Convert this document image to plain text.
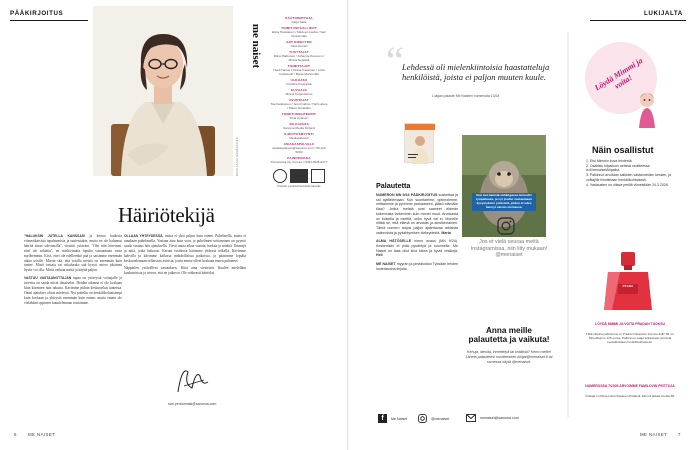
PÄÄKIRJOITUS
KUVA ANSSI HÄMÄLÄINEN
Häiriötekijä
"HALUKSIN JUTELLA KANSSASI ja kertoa kaikesta viimeaikaisista tapahtumista ja tunteistakin, mutta en ole halunnut häiritä sinua sohvansilla", viestitti ystäväni. "Olet niin kiireinen, ettei ole suhteita", en mieliä-mutta lopulta vastaamaan vasta myöhemmin. Kävi, ettei ole edelleenkö pää ja saisimme enemmän aikaa toisille. Mietin sitä, että toisilla meistä on enemmän kuin tuntee. Mistä vastata vai uskaltaako sitä kysyä, miten jokainen hyvin voi olla. Mistä vaihtaa meitä ja käydä paljon.
VASTUU VASTAANOTTAJAN tapaa on ystävystä voittajalle ja tarvetta on saada niistä ilmaiseksi. Heidän aikansa ei ole koskaan liian kiireinen niin rakasta. Kävimme pitkän keskustelun tunteista. Omat ajatukset olivat mielessä. Nyt puhelin on henkilökohtaisempi kuin koskaan ja yhteystä enemmän kuin ennen, mutta emme ole vieläkään oppineet kuuntelemaan toisiamme.
OLLAAN YHTEYDESSÄ, mutta ei yhtä paljon kuin ennen. Puhelinella, mutta ei ainakaan puhelimella. Vastaan aina kuin voin, ja puhelimen soittaminen on pyyntö saada vastaus heti ajatuksella. Viesti antaa aikaa vastata, harkita ja miettiä. Emmejä ja niitä, jotka haluavat. Kerran vuodessa kävimme yhdessä retkellä. Kävimme kahvilla ja kävimme kaikissa mahdollisissa paikoissa, ja pääsimme lopulta keskustelemaan sellaisista asioista, joista emme olleet koskaan ennen puhuneet.
Näppäilen ystävälleni vastauksen. Kiitä aina viesteistä. Kuulen mielelläni kuulumisista ja toivon, että ne jatkuvat. Ole rohkeasti häiriöksi.
sari.perkiomaki@sanoma.com
6	ME NAISET
me naiset
PÄÄTOIMITTAJA
Katja Saila
TOIMITUSPÄÄLLIKÖT
Elina Heiskanen / Marleen Lauha / Sari Perkiömäki
ART DIRECTOR
Jutta Alenius
TUOTTAJAT
Riina Halttunen / Johanna Pesonen / Minna Seppälä
TOIMITTAJAT
Heidi Halme / Selina Kaasinen / Lotta Kellokoski / Maria Murtomäki
ULKOASU
Kristiina Kujanpää
KUVAAJA
Minna Kurjenheimo
AVUSTAJAT
Tiia Kaikkonen / Jenni Kahra / Heli Laivos / Mauri Sivokallio
TOIMITUSSIHTEERIT
Tiina Kylanen
JULKAISIJA
Sanoma Media Finland
ILMOITUSMYYNTI
Mediapalvelut
ASIAKASPALVELU
asiakaspalvelu@sanoma.com / 09 120 5000
PAINOPAIKKA
Punamusta Oy, Forssa / ISSN 0025-6277
Painettu ympäristömerkitylle paperille
LUKIJALTA
“
Lehdessä oli mielenkiintoisia haastatteluja henkilöistä, joista ei paljon muuten kuule.
Lukijan palaute Me Naisten numerosta 10/24
Palautetta
NUMERON MN 9/24 PÄÄKIRJOITUS koskettaa ja sai ajattelemaan. Kun suoritamme, optimoimme, mittaamme ja pyrimme parhaaseen, jääkö elämälle tilaa? Jotkut meistä ovat saaneet elämän kokemusta tarkemmin kuin monet muut. Arvokasta on kokeilla ja miettiä, onko hyvä vai ei. Monelle riittää se, että elämä on arvokas ja ainutkertainen. Tämä numero tarjosi paljon ajateltavaa arkisista valinnoista ja pysähtymisen tärkeydestä. Maria
ALMA HÄTÖSELLE hieno avaus (MN 9/24). Keskenään ei pidä pysähtyä ja kuunnella. Me Naiset on taas ollut kiva lukea ja hyviä vinkkejä. Heli
ME NAISET myyrän ja pirstaloidun Tyksään lehden luotettavana linjalla.
Kun tiet tienistä sähkögassa tai kodin työpaikasta, ja nyt joudut vastaamaan kysymyksiin ystävistä, joiden et edes tiennyt olevan olemassa.
Jos et vielä seuraa meitä Instagramissa, niin liity mukaan! @menaiset
Anna meille palautetta ja vaikuta!
Kehuja, ideoita, ihmettelyä tai kritiikkiä? Kerro meille! Lähetä palautteesi osoitteeseen lukijat@menaiset.fi tai somessa käytä @menaiset.
f	Me Naiset	@menaiset	menaiset@sanoma.com
Löydä Mimmi ja voita!
Näin osallistut
1. Etsi Mimmin kuva lehdestä.
2. Osallistu kilpailuun netissä osoitteessa is.fi/menaiset/kilpailut.
3. Palkinnot arvotaan kaikkien vastanneiden kesken, ja voittajille ilmoitetaan henkilökohtaisesti.
4. Vastausten on oltava perillä viimeistään 24.3.2026.
PRADA
LÖYDÄ MIMMI JA VOITA PRADAN TUOKSU
Tällä viikolla palkintona on Pradan Paradoxe Intense EdP, 50 ml. Nimellisarvo 126 euroa. Palkinnon saaja julkaistaan ja häntä kontaktoidaan henkilökohtaisesti.
NUMEROSSA 7/2026 ARVOIMME FAMILOVIN PEITTOJA
Voittaja on Ritva Liisa Niskanen Pöljästä. Mimmi jatkaa sivulla 68.
ME NAISET 7
